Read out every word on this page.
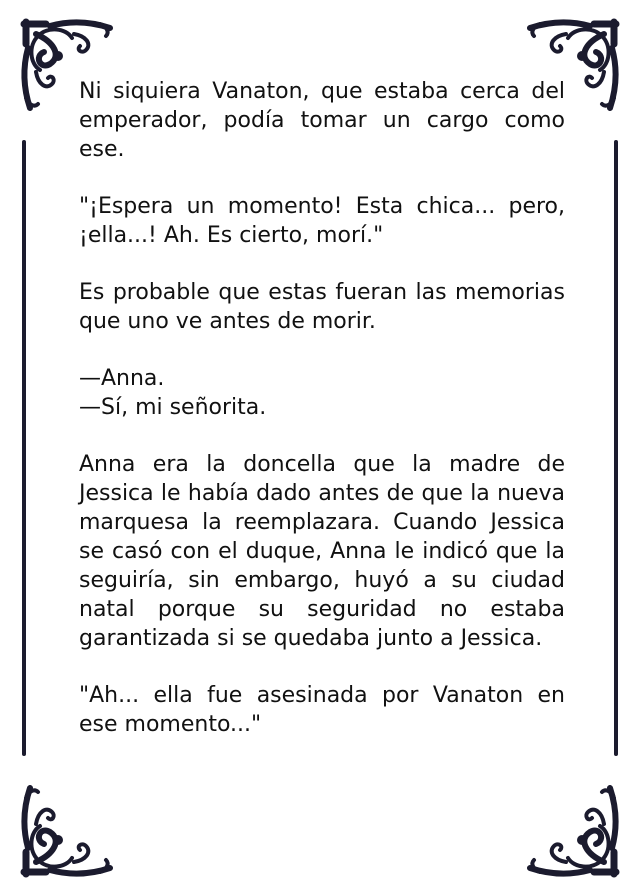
Ni siquiera Vanaton, que estaba cerca del emperador, podía tomar un cargo como ese.

"¡Espera un momento! Esta chica... pero, ¡ella...! Ah. Es cierto, morí."

Es probable que estas fueran las memorias que uno ve antes de morir.

—Anna.
—Sí, mi señorita.

Anna era la doncella que la madre de Jessica le había dado antes de que la nueva marquesa la reemplazara. Cuando Jessica se casó con el duque, Anna le indicó que la seguiría, sin embargo, huyó a su ciudad natal porque su seguridad no estaba garantizada si se quedaba junto a Jessica.

"Ah... ella fue asesinada por Vanaton en ese momento..."
